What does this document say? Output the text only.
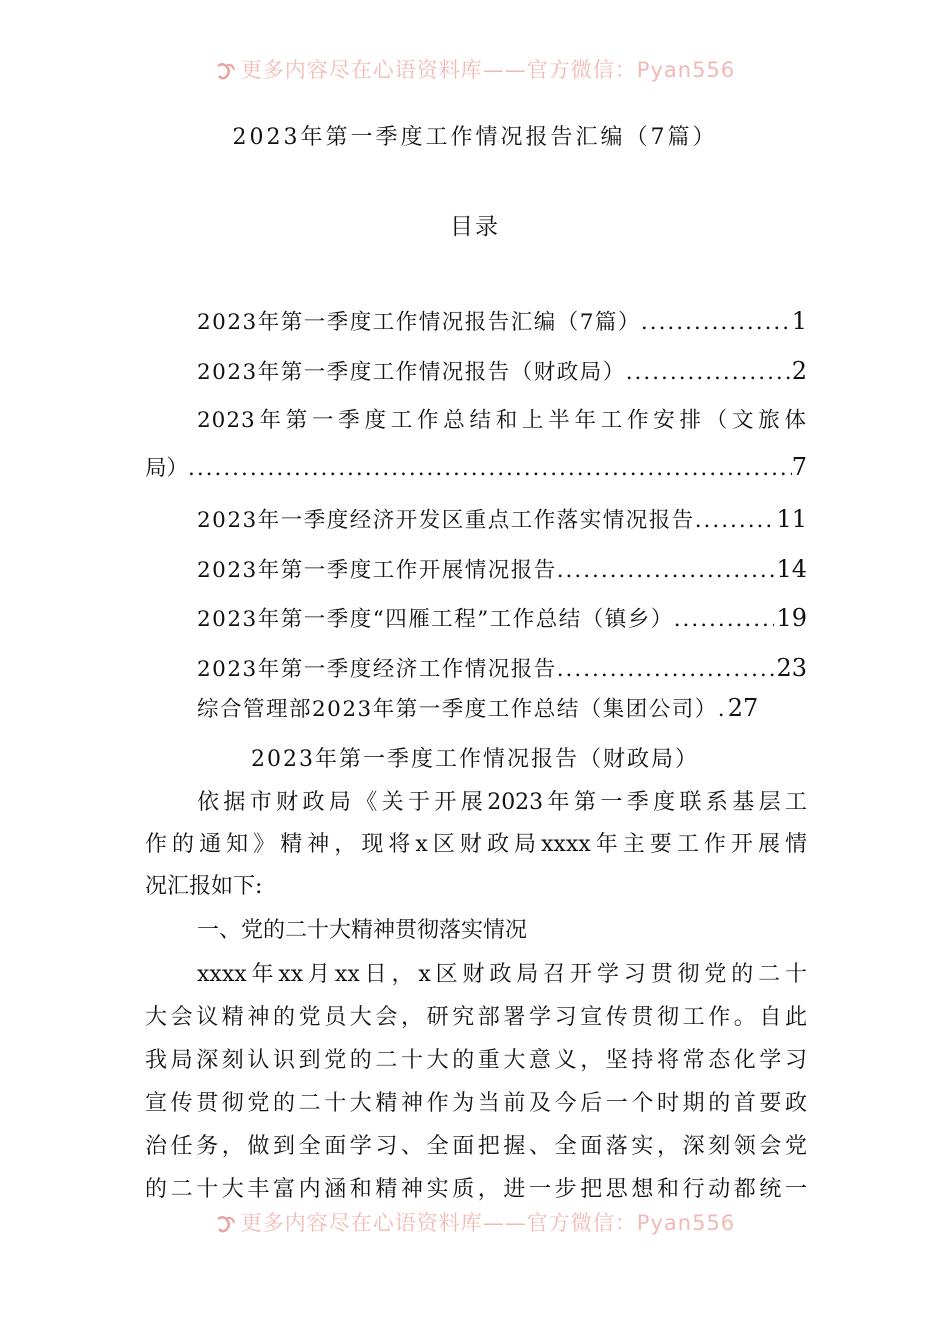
更多内容尽在心语资料库——官方微信：Pyan556
2023年第一季度工作情况报告汇编（7篇）
目录
2023年第一季度工作情况报告汇编（7篇） .....	1
2023年第一季度工作情况报告（财政局） .....	2
2023年第一季度工作总结和上半年工作安排（文旅体
局） .....	7
2023年一季度经济开发区重点工作落实情况报告 .....	11
2023年第一季度工作开展情况报告 .....	14
2023年第一季度“四雁工程”工作总结（镇乡） .....	19
2023年第一季度经济工作情况报告 .....	23
综合管理部2023年第一季度工作总结（集团公司） ..... 27
2023年第一季度工作情况报告（财政局）
依据市财政局《关于开展2023年第一季度联系基层工
作的通知》精神，现将x区财政局xxxx年主要工作开展情
况汇报如下:
一、党的二十大精神贯彻落实情况
xxxx年xx月xx日，x区财政局召开学习贯彻党的二十
大会议精神的党员大会，研究部署学习宣传贯彻工作。自此
我局深刻认识到党的二十大的重大意义，坚持将常态化学习
宣传贯彻党的二十大精神作为当前及今后一个时期的首要政
治任务，做到全面学习、全面把握、全面落实，深刻领会党
的二十大丰富内涵和精神实质，进一步把思想和行动都统一
更多内容尽在心语资料库——官方微信：Pyan556
